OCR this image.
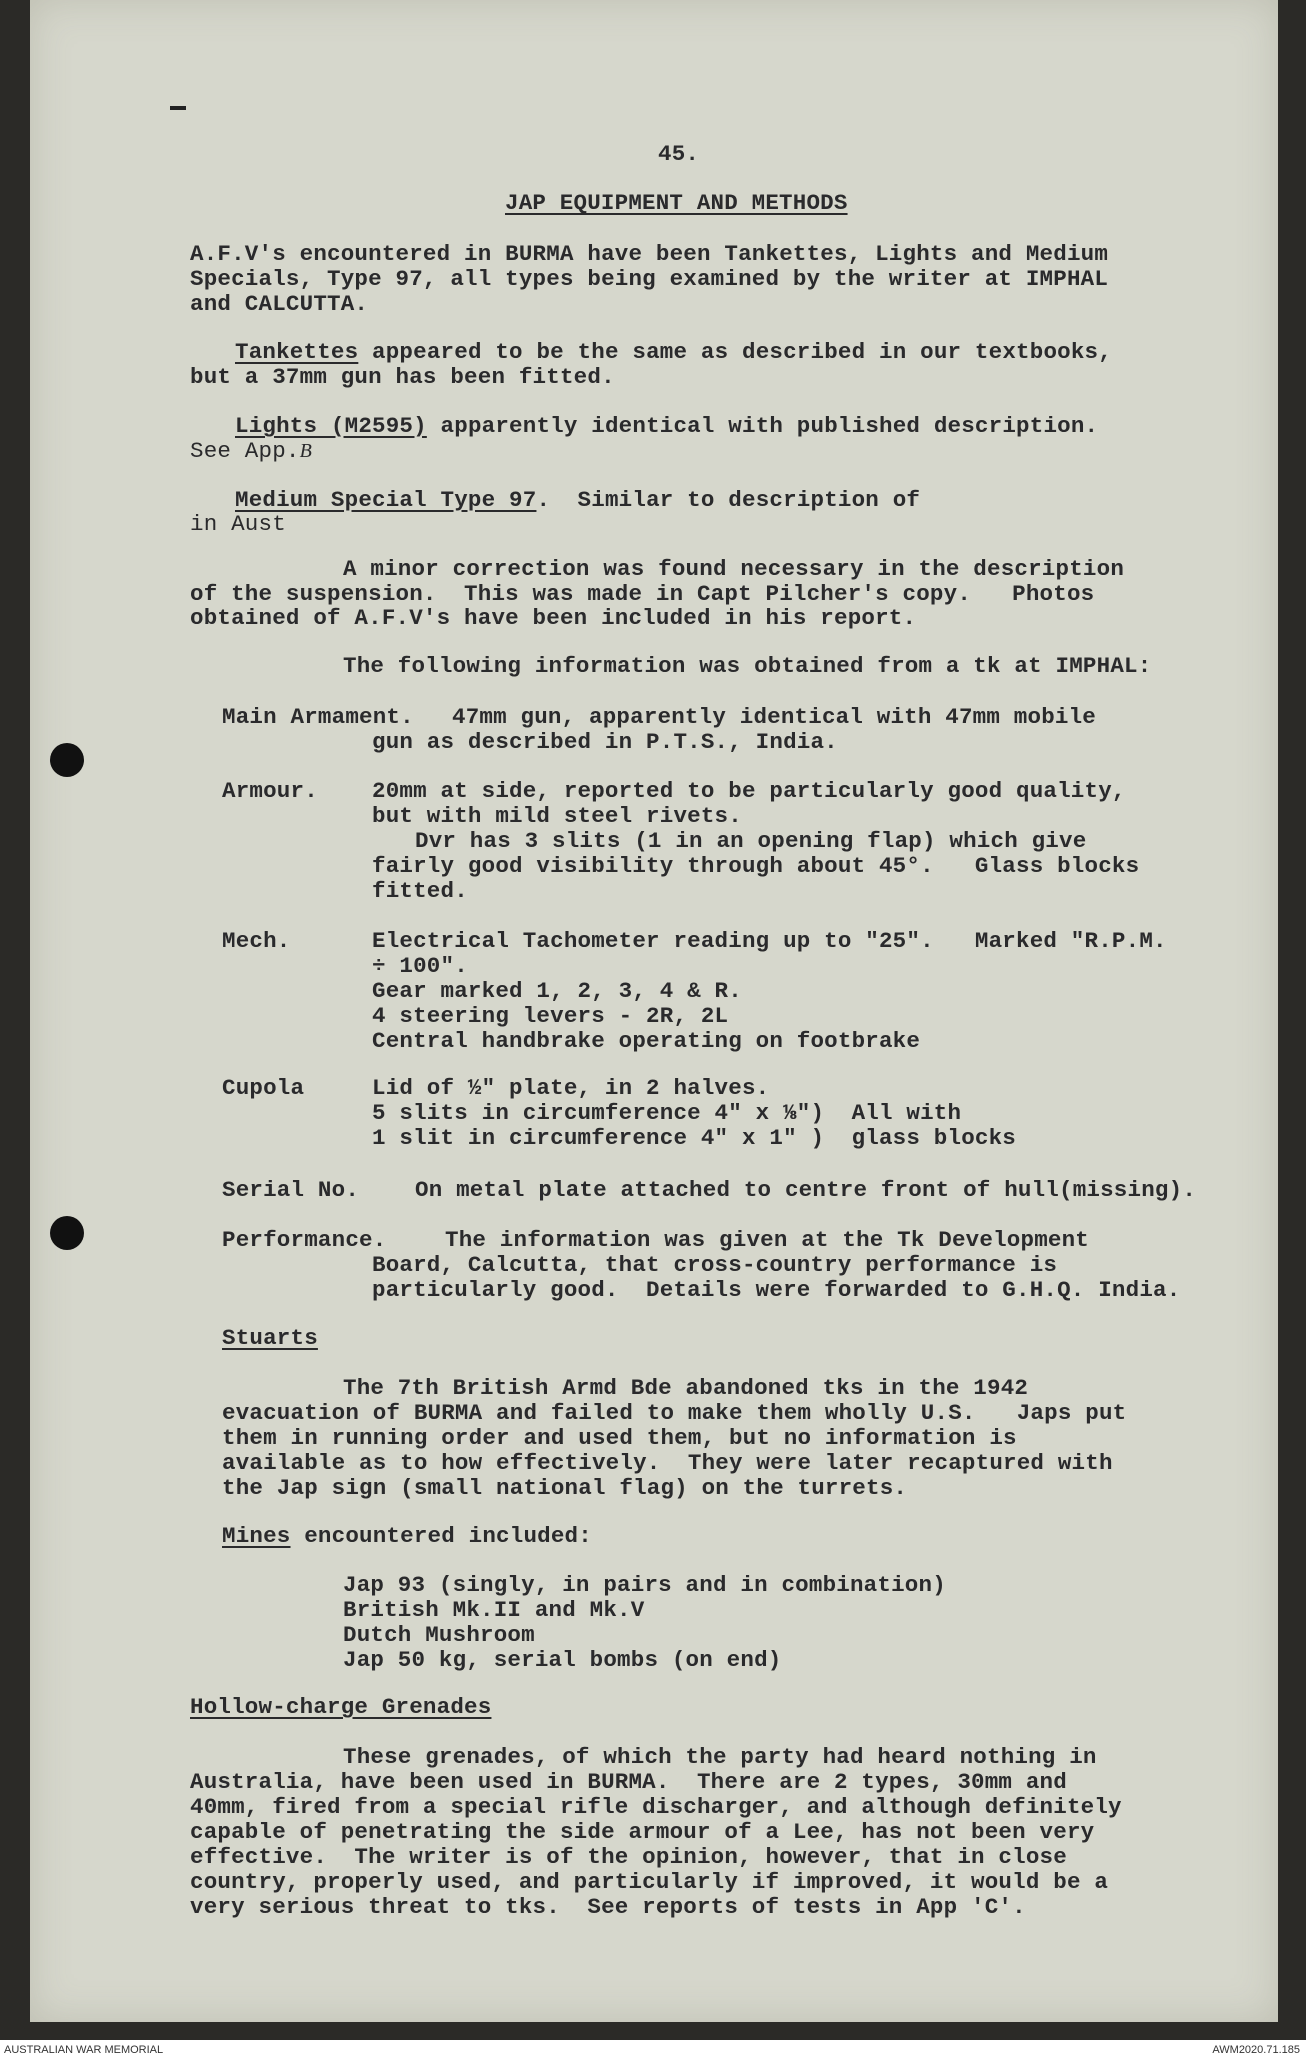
45.
JAP EQUIPMENT AND METHODS
A.F.V's encountered in BURMA have been Tankettes, Lights and Medium
Specials, Type 97, all types being examined by the writer at IMPHAL
and CALCUTTA.
Tankettes appeared to be the same as described in our textbooks,
but a 37mm gun has been fitted.
Lights (M2595) apparently identical with published description.
See App.B
Medium Special Type 97.  Similar to description of
in Aust
A minor correction was found necessary in the description
of the suspension.  This was made in Capt Pilcher's copy.   Photos
obtained of A.F.V's have been included in his report.
The following information was obtained from a tk at IMPHAL:
Main Armament. 47mm gun, apparently identical with 47mm mobile
gun as described in P.T.S., India.
Armour. 20mm at side, reported to be particularly good quality,
but with mild steel rivets.
Dvr has 3 slits (1 in an opening flap) which give
fairly good visibility through about 45°.   Glass blocks
fitted.
Mech.	Electrical Tachometer reading up to "25".   Marked "R.P.M.
÷ 100".
Gear marked 1, 2, 3, 4 & R.
4 steering levers - 2R, 2L
Central handbrake operating on footbrake
Cupola	Lid of ½" plate, in 2 halves.
5 slits in circumference 4" x ⅛")  All with
1 slit in circumference 4" x 1" )  glass blocks
Serial No. On metal plate attached to centre front of hull(missing).
Performance.	The information was given at the Tk Development
Board, Calcutta, that cross-country performance is
particularly good.  Details were forwarded to G.H.Q. India.
Stuarts
The 7th British Armd Bde abandoned tks in the 1942
evacuation of BURMA and failed to make them wholly U.S.   Japs put
them in running order and used them, but no information is
available as to how effectively.  They were later recaptured with
the Jap sign (small national flag) on the turrets.
Mines encountered included:
Jap 93 (singly, in pairs and in combination)
British Mk.II and Mk.V
Dutch Mushroom
Jap 50 kg, serial bombs (on end)
Hollow-charge Grenades
These grenades, of which the party had heard nothing in
Australia, have been used in BURMA.  There are 2 types, 30mm and
40mm, fired from a special rifle discharger, and although definitely
capable of penetrating the side armour of a Lee, has not been very
effective.  The writer is of the opinion, however, that in close
country, properly used, and particularly if improved, it would be a
very serious threat to tks.  See reports of tests in App 'C'.
AUSTRALIAN WAR MEMORIAL	AWM2020.71.185
